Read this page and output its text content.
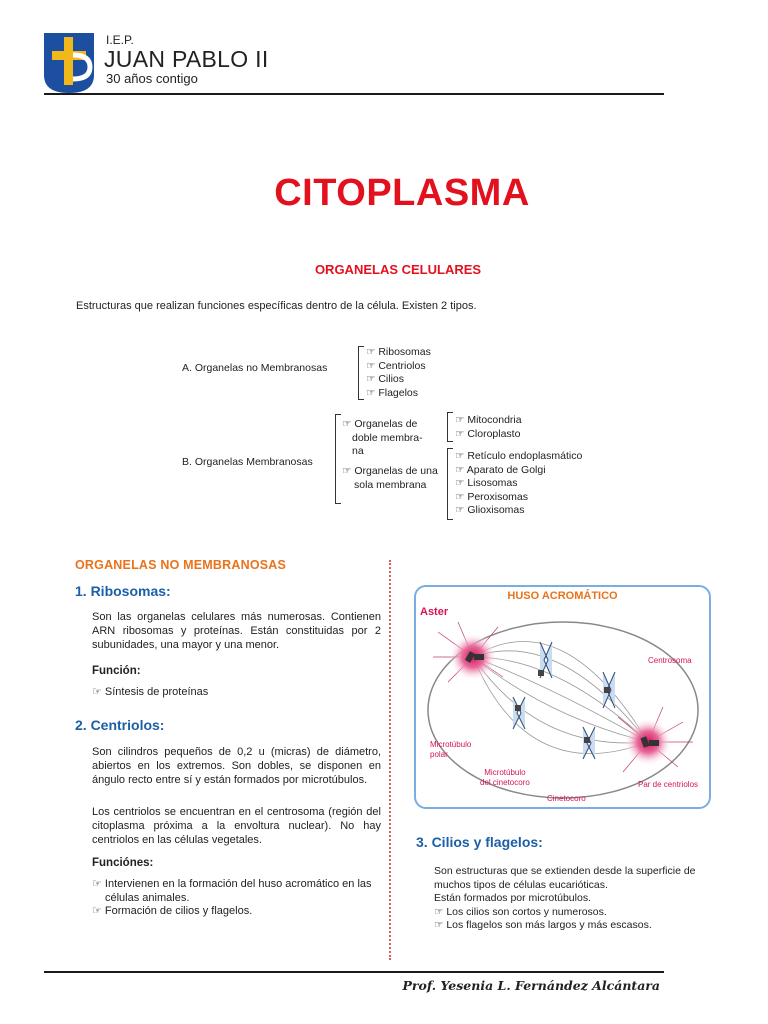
I.E.P.
JUAN PABLO II
30 años contigo
CITOPLASMA
ORGANELAS CELULARES
Estructuras que realizan funciones específicas dentro de la célula. Existen 2 tipos.
A. Organelas no Membranosas
☞ Ribosomas
☞ Centriolos
☞ Cilios
☞ Flagelos
B. Organelas Membranosas
☞ Organelas de
doble membra-
na
☞ Organelas de una
sola membrana
☞ Mitocondria
☞ Cloroplasto
☞ Retículo endoplasmático
☞ Aparato de Golgi
☞ Lisosomas
☞ Peroxisomas
☞ Glioxisomas
ORGANELAS NO MEMBRANOSAS
1. Ribosomas:
Son las organelas celulares más numerosas. Contienen ARN ribosomas y proteínas. Están constituidas por 2 subunidades, una mayor y una menor.
Función:
☞ Síntesis de proteínas
2. Centriolos:
Son cilindros pequeños de 0,2 u (micras) de diámetro, abiertos en los extremos. Son dobles, se disponen en ángulo recto entre sí y están formados por microtúbulos.
Los centriolos se encuentran en el centrosoma (región del citoplasma próxima a la envoltura nuclear). No hay centriolos en las células vegetales.
Funciónes:
☞ Intervienen en la formación del huso acromático en las
células animales.
☞ Formación de cilios y flagelos.
HUSO ACROMÁTICO
Aster
Centrosoma
Microtúbulo
polar
Microtúbulo
del cinetocoro
Cinetocoro
Par de centriolos
3. Cilios y flagelos:
Son estructuras que se extienden desde la superficie de
muchos tipos de células eucarióticas.
Están formados por microtúbulos.
☞ Los cilios son cortos y numerosos.
☞ Los flagelos son más largos y más escasos.
Prof. Yesenia L. Fernández Alcántara
